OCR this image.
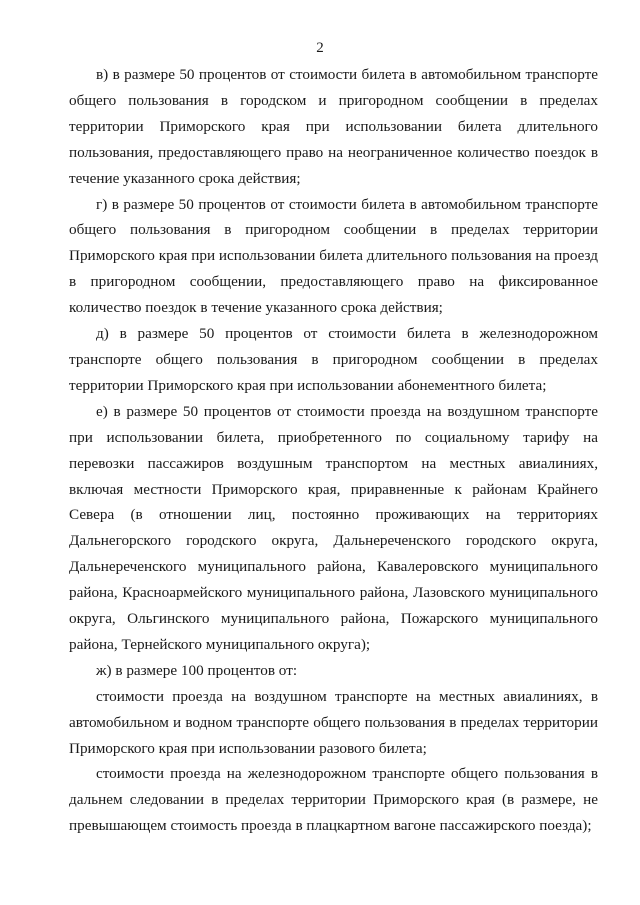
2

в) в размере 50 процентов от стоимости билета в автомобильном транспорте общего пользования в городском и пригородном сообщении в пределах территории Приморского края при использовании билета длительного пользования, предоставляющего право на неограниченное количество поездок в течение указанного срока действия;

г) в размере 50 процентов от стоимости билета в автомобильном транспорте общего пользования в пригородном сообщении в пределах территории Приморского края при использовании билета длительного пользования на проезд в пригородном сообщении, предоставляющего право на фиксированное количество поездок в течение указанного срока действия;

д) в размере 50 процентов от стоимости билета в железнодорожном транспорте общего пользования в пригородном сообщении в пределах территории Приморского края при использовании абонементного билета;

е) в размере 50 процентов от стоимости проезда на воздушном транспорте при использовании билета, приобретенного по социальному тарифу на перевозки пассажиров воздушным транспортом на местных авиалиниях, включая местности Приморского края, приравненные к районам Крайнего Севера (в отношении лиц, постоянно проживающих на территориях Дальнегорского городского округа, Дальнереченского городского округа, Дальнереченского муниципального района, Кавалеровского муниципального района, Красноармейского муниципального района, Лазовского муниципального округа, Ольгинского муниципального района, Пожарского муниципального района, Тернейского муниципального округа);

ж) в размере 100 процентов от:

стоимости проезда на воздушном транспорте на местных авиалиниях, в автомобильном и водном транспорте общего пользования в пределах территории Приморского края при использовании разового билета;

стоимости проезда на железнодорожном транспорте общего пользования в дальнем следовании в пределах территории Приморского края (в размере, не превышающем стоимость проезда в плацкартном вагоне пассажирского поезда);
